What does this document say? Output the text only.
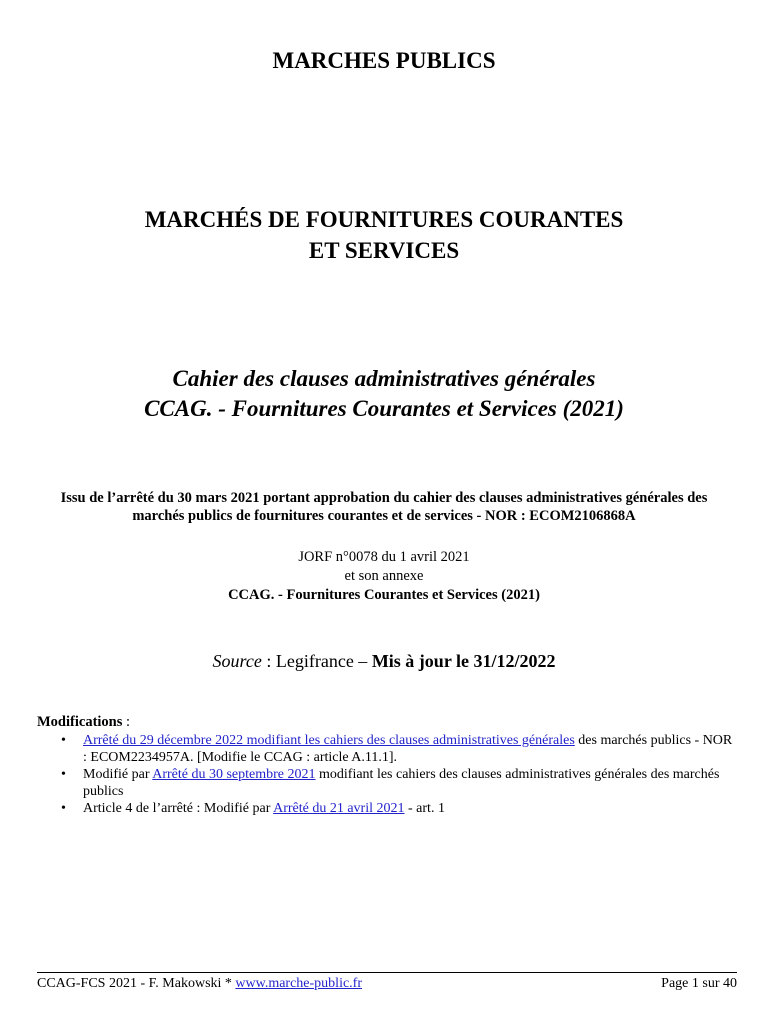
MARCHES PUBLICS
MARCHÉS DE FOURNITURES COURANTES
ET SERVICES
Cahier des clauses administratives générales
CCAG. - Fournitures Courantes et Services (2021)
Issu de l’arrêté du 30 mars 2021 portant approbation du cahier des clauses administratives générales des
marchés publics de fournitures courantes et de services - NOR : ECOM2106868A
JORF n°0078 du 1 avril 2021
et son annexe
CCAG. - Fournitures Courantes et Services (2021)
Source : Legifrance – Mis à jour le 31/12/2022
Modifications :
• Arrêté du 29 décembre 2022 modifiant les cahiers des clauses administratives générales des marchés publics - NOR : ECOM2234957A. [Modifie le CCAG : article A.11.1].
• Modifié par Arrêté du 30 septembre 2021 modifiant les cahiers des clauses administratives générales des marchés publics
• Article 4 de l’arrêté : Modifié par Arrêté du 21 avril 2021 - art. 1
CCAG-FCS 2021 - F. Makowski * www.marche-public.fr	Page 1 sur 40
